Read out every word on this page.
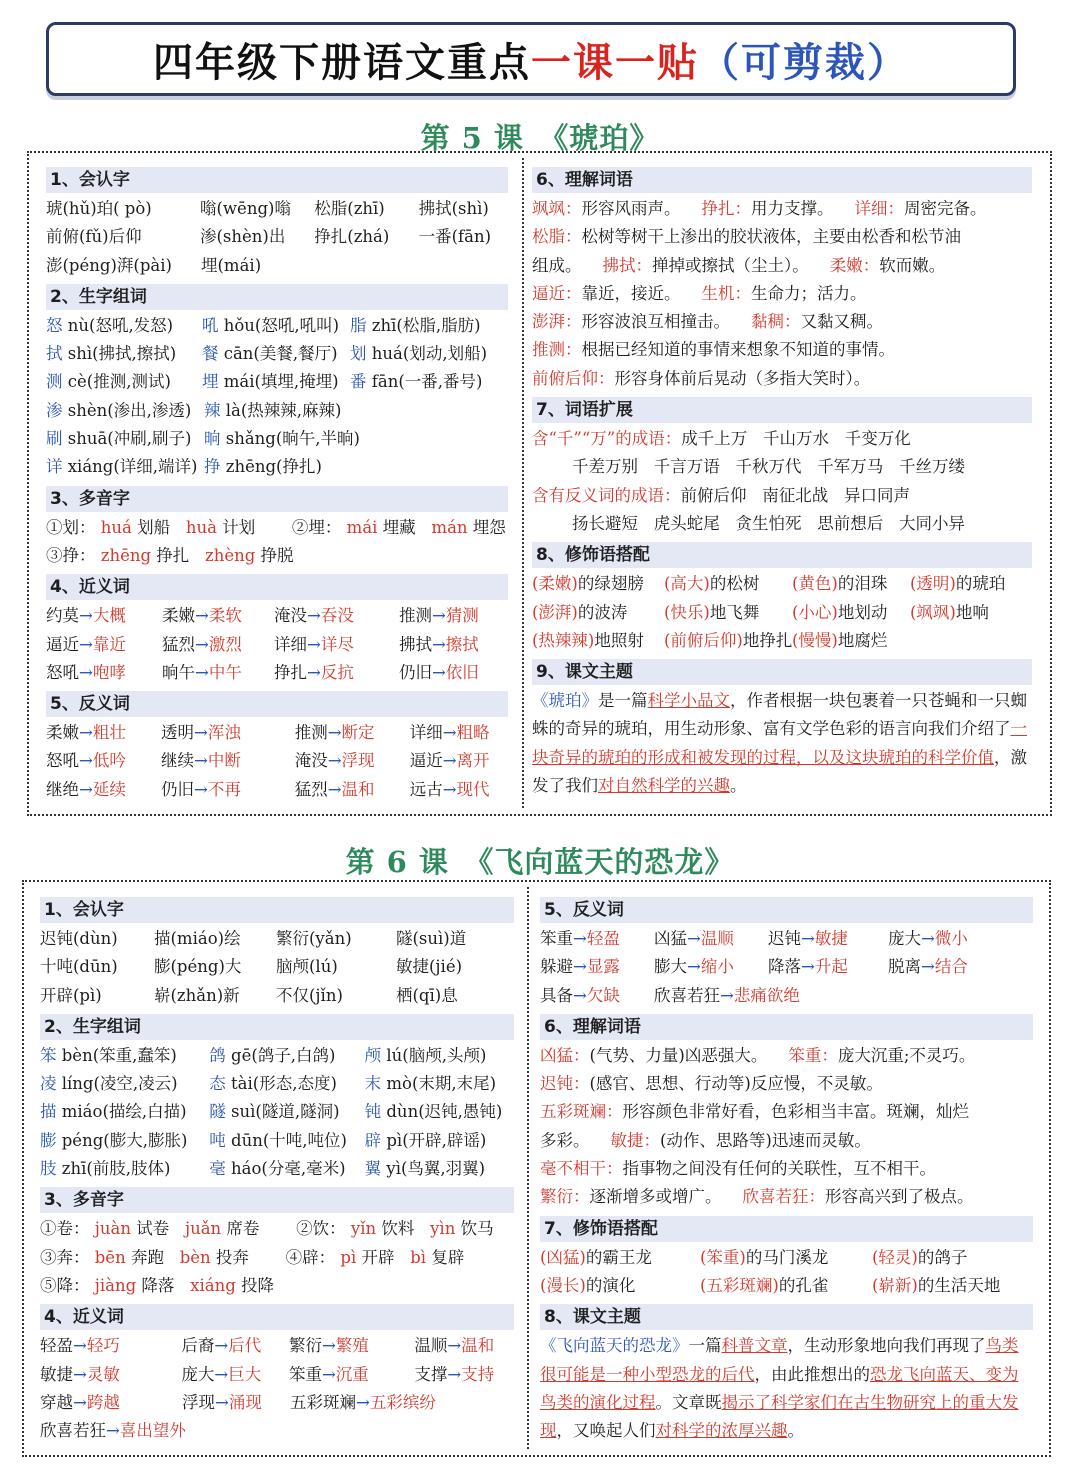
四年级下册语文重点 一课一贴 （可剪裁）
第 5 课　《琥珀》
1、会认字
琥(hǔ)珀( pò)	嗡(wēng)嗡	松脂(zhī)	拂拭(shì)
前俯(fǔ)后仰	渗(shèn)出	挣扎(zhá)	一番(fān)
澎(péng)湃(pài)	埋(mái)
2、生字组词
怒 nù(怒吼,发怒)	吼 hǒu(怒吼,吼叫) 脂 zhī(松脂,脂肪)
拭 shì(拂拭,擦拭)	餐 cān(美餐,餐厅) 划 huá(划动,划船)
测 cè(推测,测试)	埋 mái(填埋,掩埋) 番 fān(一番,番号)
渗 shèn(渗出,渗透) 辣 là(热辣辣,麻辣)
刷 shuā(冲刷,刷子) 晌 shǎng(晌午,半晌)
详 xiáng(详细,端详) 挣 zhēng(挣扎)
3、多音字
①划： huá 划船 huà 计划
②埋： mái 埋藏 mán 埋怨
③挣： zhēng 挣扎 zhèng 挣脱
4、近义词
约莫→大概	柔嫩→柔软	淹没→吞没	推测→猜测
逼近→靠近	猛烈→激烈	详细→详尽	拂拭→擦拭
怒吼→咆哮	晌午→中午	挣扎→反抗	仍旧→依旧
5、反义词
柔嫩→粗壮	透明→浑浊	推测→断定	详细→粗略
怒吼→低吟	继续→中断	淹没→浮现	逼近→离开
继绝→延续	仍旧→不再	猛烈→温和	远古→现代
6、理解词语
飒飒： 形容风雨声。
挣扎： 用力支撑。
详细： 周密完备。
松脂： 松树等树干上渗出的胶状液体，主要由松香和松节油
组成。
拂拭： 掸掉或擦拭（尘土）。
柔嫩： 软而嫩。
逼近： 靠近，接近。
生机： 生命力；活力。
澎湃： 形容波浪互相撞击。
黏稠： 又黏又稠。
推测： 根据已经知道的事情来想象不知道的事情。
前俯后仰： 形容身体前后晃动（多指大笑时）。
7、词语扩展
含“千”“万”的成语： 成千上万 千山万水 千变万化
千差万别 千言万语 千秋万代 千军万马 千丝万缕
含有反义词的成语： 前俯后仰 南征北战 异口同声
扬长避短 虎头蛇尾 贪生怕死 思前想后 大同小异
8、修饰语搭配
(柔嫩)的绿翅膀	(高大)的松树	(黄色)的泪珠	(透明)的琥珀
(澎湃)的波涛	(快乐)地飞舞	(小心)地划动	(飒飒)地响
(热辣辣)地照射	(前俯后仰)地挣扎 (慢慢)地腐烂
9、课文主题
《琥珀》是一篇科学小品文，作者根据一块包裹着一只苍蝇和一只蜘蛛的奇异的琥珀，用生动形象、富有文学色彩的语言向我们介绍了一块奇异的琥珀的形成和被发现的过程，以及这块琥珀的科学价值，激发了我们对自然科学的兴趣。
第 6 课　《飞向蓝天的恐龙》
1、会认字
迟钝(dùn)	描(miáo)绘	繁衍(yǎn)	隧(suì)道
十吨(dūn)	膨(péng)大	脑颅(lú)	敏捷(jié)
开辟(pì)	崭(zhǎn)新	不仅(jǐn)	栖(qī)息
2、生字组词
笨 bèn(笨重,蠢笨)	鸽 gē(鸽子,白鸽)	颅 lú(脑颅,头颅)
凌 líng(凌空,凌云)	态 tài(形态,态度)	末 mò(末期,末尾)
描 miáo(描绘,白描)	隧 suì(隧道,隧洞)	钝 dùn(迟钝,愚钝)
膨 péng(膨大,膨胀)	吨 dūn(十吨,吨位)	辟 pì(开辟,辟谣)
肢 zhī(前肢,肢体)	毫 háo(分毫,毫米)	翼 yì(鸟翼,羽翼)
3、多音字
①卷： juàn 试卷 juǎn 席卷
②饮： yǐn 饮料 yìn 饮马
③奔： bēn 奔跑 bèn 投奔
④辟： pì 开辟 bì 复辟
⑤降： jiàng 降落 xiáng 投降
4、近义词
轻盈→轻巧	后裔→后代	繁衍→繁殖	温顺→温和
敏捷→灵敏	庞大→巨大	笨重→沉重	支撑→支持
穿越→跨越	浮现→涌现	五彩斑斓→五彩缤纷
欣喜若狂→喜出望外
5、反义词
笨重→轻盈	凶猛→温顺	迟钝→敏捷	庞大→微小
躲避→显露	膨大→缩小	降落→升起	脱离→结合
具备→欠缺	欣喜若狂→悲痛欲绝
6、理解词语
凶猛： (气势、力量)凶恶强大。
笨重： 庞大沉重;不灵巧。
迟钝： (感官、思想、行动等)反应慢，不灵敏。
五彩斑斓： 形容颜色非常好看，色彩相当丰富。斑斓，灿烂
多彩。
敏捷： (动作、思路等)迅速而灵敏。
毫不相干： 指事物之间没有任何的关联性，互不相干。
繁衍： 逐渐增多或增广。
欣喜若狂： 形容高兴到了极点。
7、修饰语搭配
(凶猛)的霸王龙	(笨重)的马门溪龙	(轻灵)的鸽子
(漫长)的演化	(五彩斑斓)的孔雀	(崭新)的生活天地
8、课文主题
《飞向蓝天的恐龙》一篇科普文章，生动形象地向我们再现了鸟类很可能是一种小型恐龙的后代，由此推想出的恐龙飞向蓝天、变为鸟类的演化过程。文章既揭示了科学家们在古生物研究上的重大发现，又唤起人们对科学的浓厚兴趣。
